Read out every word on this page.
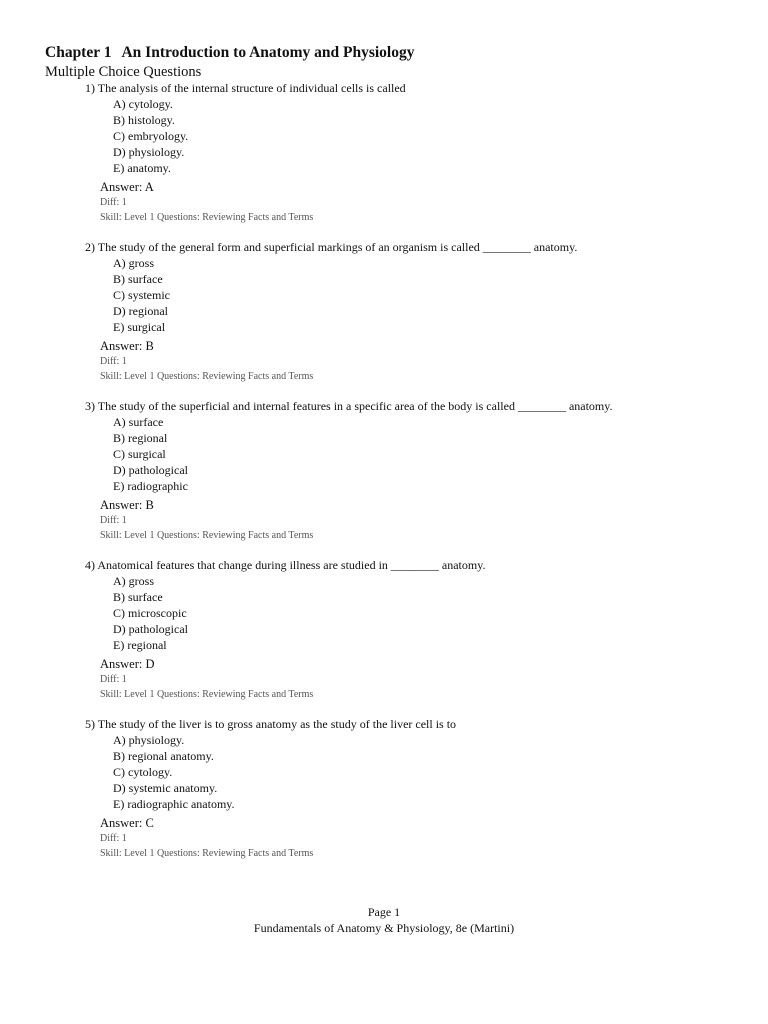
Chapter 1 An Introduction to Anatomy and Physiology
Multiple Choice Questions
1) The analysis of the internal structure of individual cells is called
A) cytology.
B) histology.
C) embryology.
D) physiology.
E) anatomy.
Answer: A
Diff: 1
Skill: Level 1 Questions: Reviewing Facts and Terms
2) The study of the general form and superficial markings of an organism is called ________ anatomy.
A) gross
B) surface
C) systemic
D) regional
E) surgical
Answer: B
Diff: 1
Skill: Level 1 Questions: Reviewing Facts and Terms
3) The study of the superficial and internal features in a specific area of the body is called ________ anatomy.
A) surface
B) regional
C) surgical
D) pathological
E) radiographic
Answer: B
Diff: 1
Skill: Level 1 Questions: Reviewing Facts and Terms
4) Anatomical features that change during illness are studied in ________ anatomy.
A) gross
B) surface
C) microscopic
D) pathological
E) regional
Answer: D
Diff: 1
Skill: Level 1 Questions: Reviewing Facts and Terms
5) The study of the liver is to gross anatomy as the study of the liver cell is to
A) physiology.
B) regional anatomy.
C) cytology.
D) systemic anatomy.
E) radiographic anatomy.
Answer: C
Diff: 1
Skill: Level 1 Questions: Reviewing Facts and Terms
Page 1
Fundamentals of Anatomy & Physiology, 8e (Martini)
